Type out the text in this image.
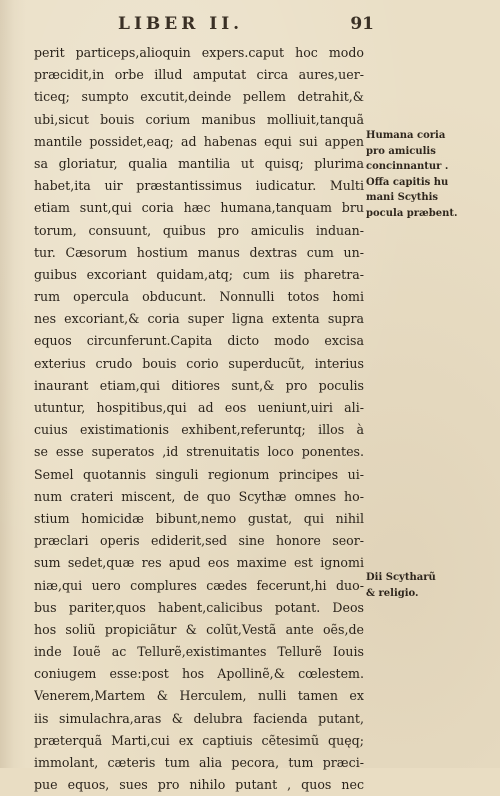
LIBER II.	91
perit particeps,alioquin expers.caput hoc modo
præcidit,in orbe illud amputat circa aures,uer-
ticeq; sumpto excutit,deinde pellem detrahit,&
ubi,sicut bouis corium manibus molliuit,tanquã
mantile possidet,eaq; ad habenas equi sui appen
sa gloriatur, qualia mantilia ut quisq; plurima
habet,ita uir præstantissimus iudicatur. Multi
etiam sunt,qui coria hæc humana,tanquam bru
torum, consuunt, quibus pro amiculis induan-
tur. Cæsorum hostium manus dextras cum un-
guibus excoriant quidam,atq; cum iis pharetra-
rum opercula obducunt. Nonnulli totos homi
nes excoriant,& coria super ligna extenta supra
equos circunferunt.Capita dicto modo excisa
exterius crudo bouis corio superducũt, interius
inaurant etiam,qui ditiores sunt,& pro poculis
utuntur, hospitibus,qui ad eos ueniunt,uiri ali-
cuius existimationis exhibent,referuntq; illos à
se esse superatos ,id strenuitatis loco ponentes.
Semel quotannis singuli regionum principes ui-
num crateri miscent, de quo Scythæ omnes ho-
stium homicidæ bibunt,nemo gustat, qui nihil
præclari operis ediderit,sed sine honore seor-
sum sedet,quæ res apud eos maxime est ignomi
niæ,qui uero complures cædes fecerunt,hi duo-
bus pariter,quos habent,calicibus potant. Deos
hos soliũ propiciãtur & colũt,Vestã ante oẽs,de
inde Iouẽ ac Tellurẽ,existimantes Tellurẽ Iouis
coniugem esse:post hos Apollinẽ,& cœlestem.
Venerem,Martem & Herculem, nulli tamen ex
iis simulachra,aras & delubra facienda putant,
præterquã Marti,cui ex captiuis cẽtesimũ quęq;
immolant, cæteris tum alia pecora, tum præci-
pue equos, sues pro nihilo putant , quos nec
Humana coria
pro amiculis
concinnantur .
Offa capitis hu
mani Scythis
pocula præbent.
Dii Scytharũ
& religio.
